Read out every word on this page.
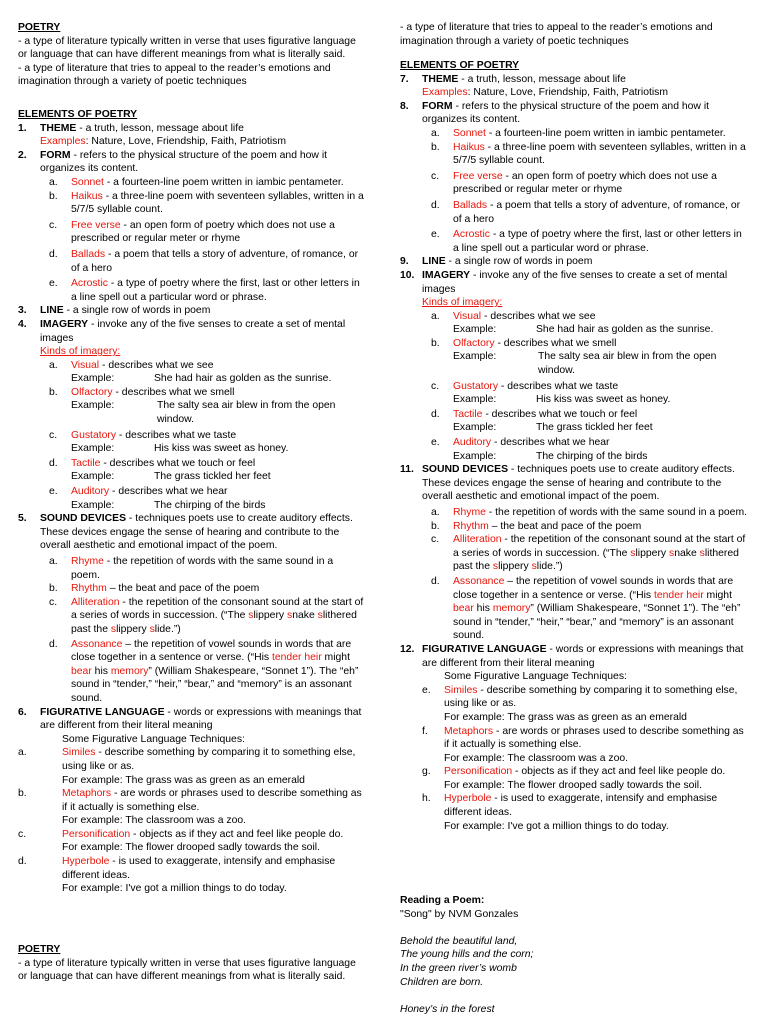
POETRY
- a type of literature typically written in verse that uses figurative language or language that can have different meanings from what is literally said.
- a type of literature that tries to appeal to the reader’s emotions and imagination through a variety of poetic techniques
ELEMENTS OF POETRY
1. THEME - a truth, lesson, message about life
Examples: Nature, Love, Friendship, Faith, Patriotism
2. FORM - refers to the physical structure of the poem and how it organizes its content.
a. Sonnet - a fourteen-line poem written in iambic pentameter.
b. Haikus - a three-line poem with seventeen syllables, written in a 5/7/5 syllable count.
c. Free verse - an open form of poetry which does not use a prescribed or regular meter or rhyme
d. Ballads - a poem that tells a story of adventure, of romance, or of a hero
e. Acrostic - a type of poetry where the first, last or other letters in a line spell out a particular word or phrase.
3. LINE - a single row of words in poem
4. IMAGERY - invoke any of the five senses to create a set of mental images
Kinds of imagery:
a. Visual - describes what we see
Example:	She had hair as golden as the sunrise.
b. Olfactory - describes what we smell
Example:	The salty sea air blew in from the open window.
c. Gustatory - describes what we taste
Example:	His kiss was sweet as honey.
d. Tactile - describes what we touch or feel
Example:	The grass tickled her feet
e. Auditory - describes what we hear
Example:	The chirping of the birds
5. SOUND DEVICES - techniques poets use to create auditory effects. These devices engage the sense of hearing and contribute to the overall aesthetic and emotional impact of the poem.
a. Rhyme - the repetition of words with the same sound in a poem.
b. Rhythm – the beat and pace of the poem
c. Alliteration - the repetition of the consonant sound at the start of a series of words in succession. (“The slippery snake slithered past the slippery slide.”)
d. Assonance – the repetition of vowel sounds in words that are close together in a sentence or verse. (“His tender heir might bear his memory” (William Shakespeare, “Sonnet 1”). The “eh” sound in “tender,” “heir,” “bear,” and “memory” is an assonant sound.
6. FIGURATIVE LANGUAGE - words or expressions with meanings that are different from their literal meaning
Some Figurative Language Techniques:
a.	Similes - describe something by comparing it to something else, using like or as.
For example: The grass was as green as an emerald
b.	Metaphors - are words or phrases used to describe something as if it actually is something else.
For example: The classroom was a zoo.
c.	Personification - objects as if they act and feel like people do.
For example: The flower drooped sadly towards the soil.
d.	Hyperbole - is used to exaggerate, intensify and emphasise different ideas.
For example: I've got a million things to do today.
POETRY
- a type of literature typically written in verse that uses figurative language or language that can have different meanings from what is literally said.
- a type of literature that tries to appeal to the reader’s emotions and imagination through a variety of poetic techniques
ELEMENTS OF POETRY
7. THEME - a truth, lesson, message about life
Examples: Nature, Love, Friendship, Faith, Patriotism
8. FORM - refers to the physical structure of the poem and how it organizes its content.
a. Sonnet - a fourteen-line poem written in iambic pentameter.
b. Haikus - a three-line poem with seventeen syllables, written in a 5/7/5 syllable count.
c. Free verse - an open form of poetry which does not use a prescribed or regular meter or rhyme
d. Ballads - a poem that tells a story of adventure, of romance, or of a hero
e. Acrostic - a type of poetry where the first, last or other letters in a line spell out a particular word or phrase.
9. LINE - a single row of words in poem
10. IMAGERY - invoke any of the five senses to create a set of mental images
Kinds of imagery:
a. Visual - describes what we see
Example:	She had hair as golden as the sunrise.
b. Olfactory - describes what we smell
Example:	The salty sea air blew in from the open window.
c. Gustatory - describes what we taste
Example:	His kiss was sweet as honey.
d. Tactile - describes what we touch or feel
Example:	The grass tickled her feet
e. Auditory - describes what we hear
Example:	The chirping of the birds
11. SOUND DEVICES - techniques poets use to create auditory effects. These devices engage the sense of hearing and contribute to the overall aesthetic and emotional impact of the poem.
a. Rhyme - the repetition of words with the same sound in a poem.
b. Rhythm – the beat and pace of the poem
c. Alliteration - the repetition of the consonant sound at the start of a series of words in succession. (“The slippery snake slithered past the slippery slide.”)
d. Assonance – the repetition of vowel sounds in words that are close together in a sentence or verse. (“His tender heir might bear his memory” (William Shakespeare, “Sonnet 1”). The “eh” sound in “tender,” “heir,” “bear,” and “memory” is an assonant sound.
12. FIGURATIVE LANGUAGE - words or expressions with meanings that are different from their literal meaning
Some Figurative Language Techniques:
e. Similes - describe something by comparing it to something else, using like or as.
For example: The grass was as green as an emerald
f. Metaphors - are words or phrases used to describe something as if it actually is something else.
For example: The classroom was a zoo.
g. Personification - objects as if they act and feel like people do.
For example: The flower drooped sadly towards the soil.
h. Hyperbole - is used to exaggerate, intensify and emphasise different ideas.
For example: I've got a million things to do today.
Reading a Poem:
"Song" by NVM Gonzales
Behold the beautiful land,
The young hills and the corn;
In the green river’s womb
Children are born.
Honey’s in the forest
